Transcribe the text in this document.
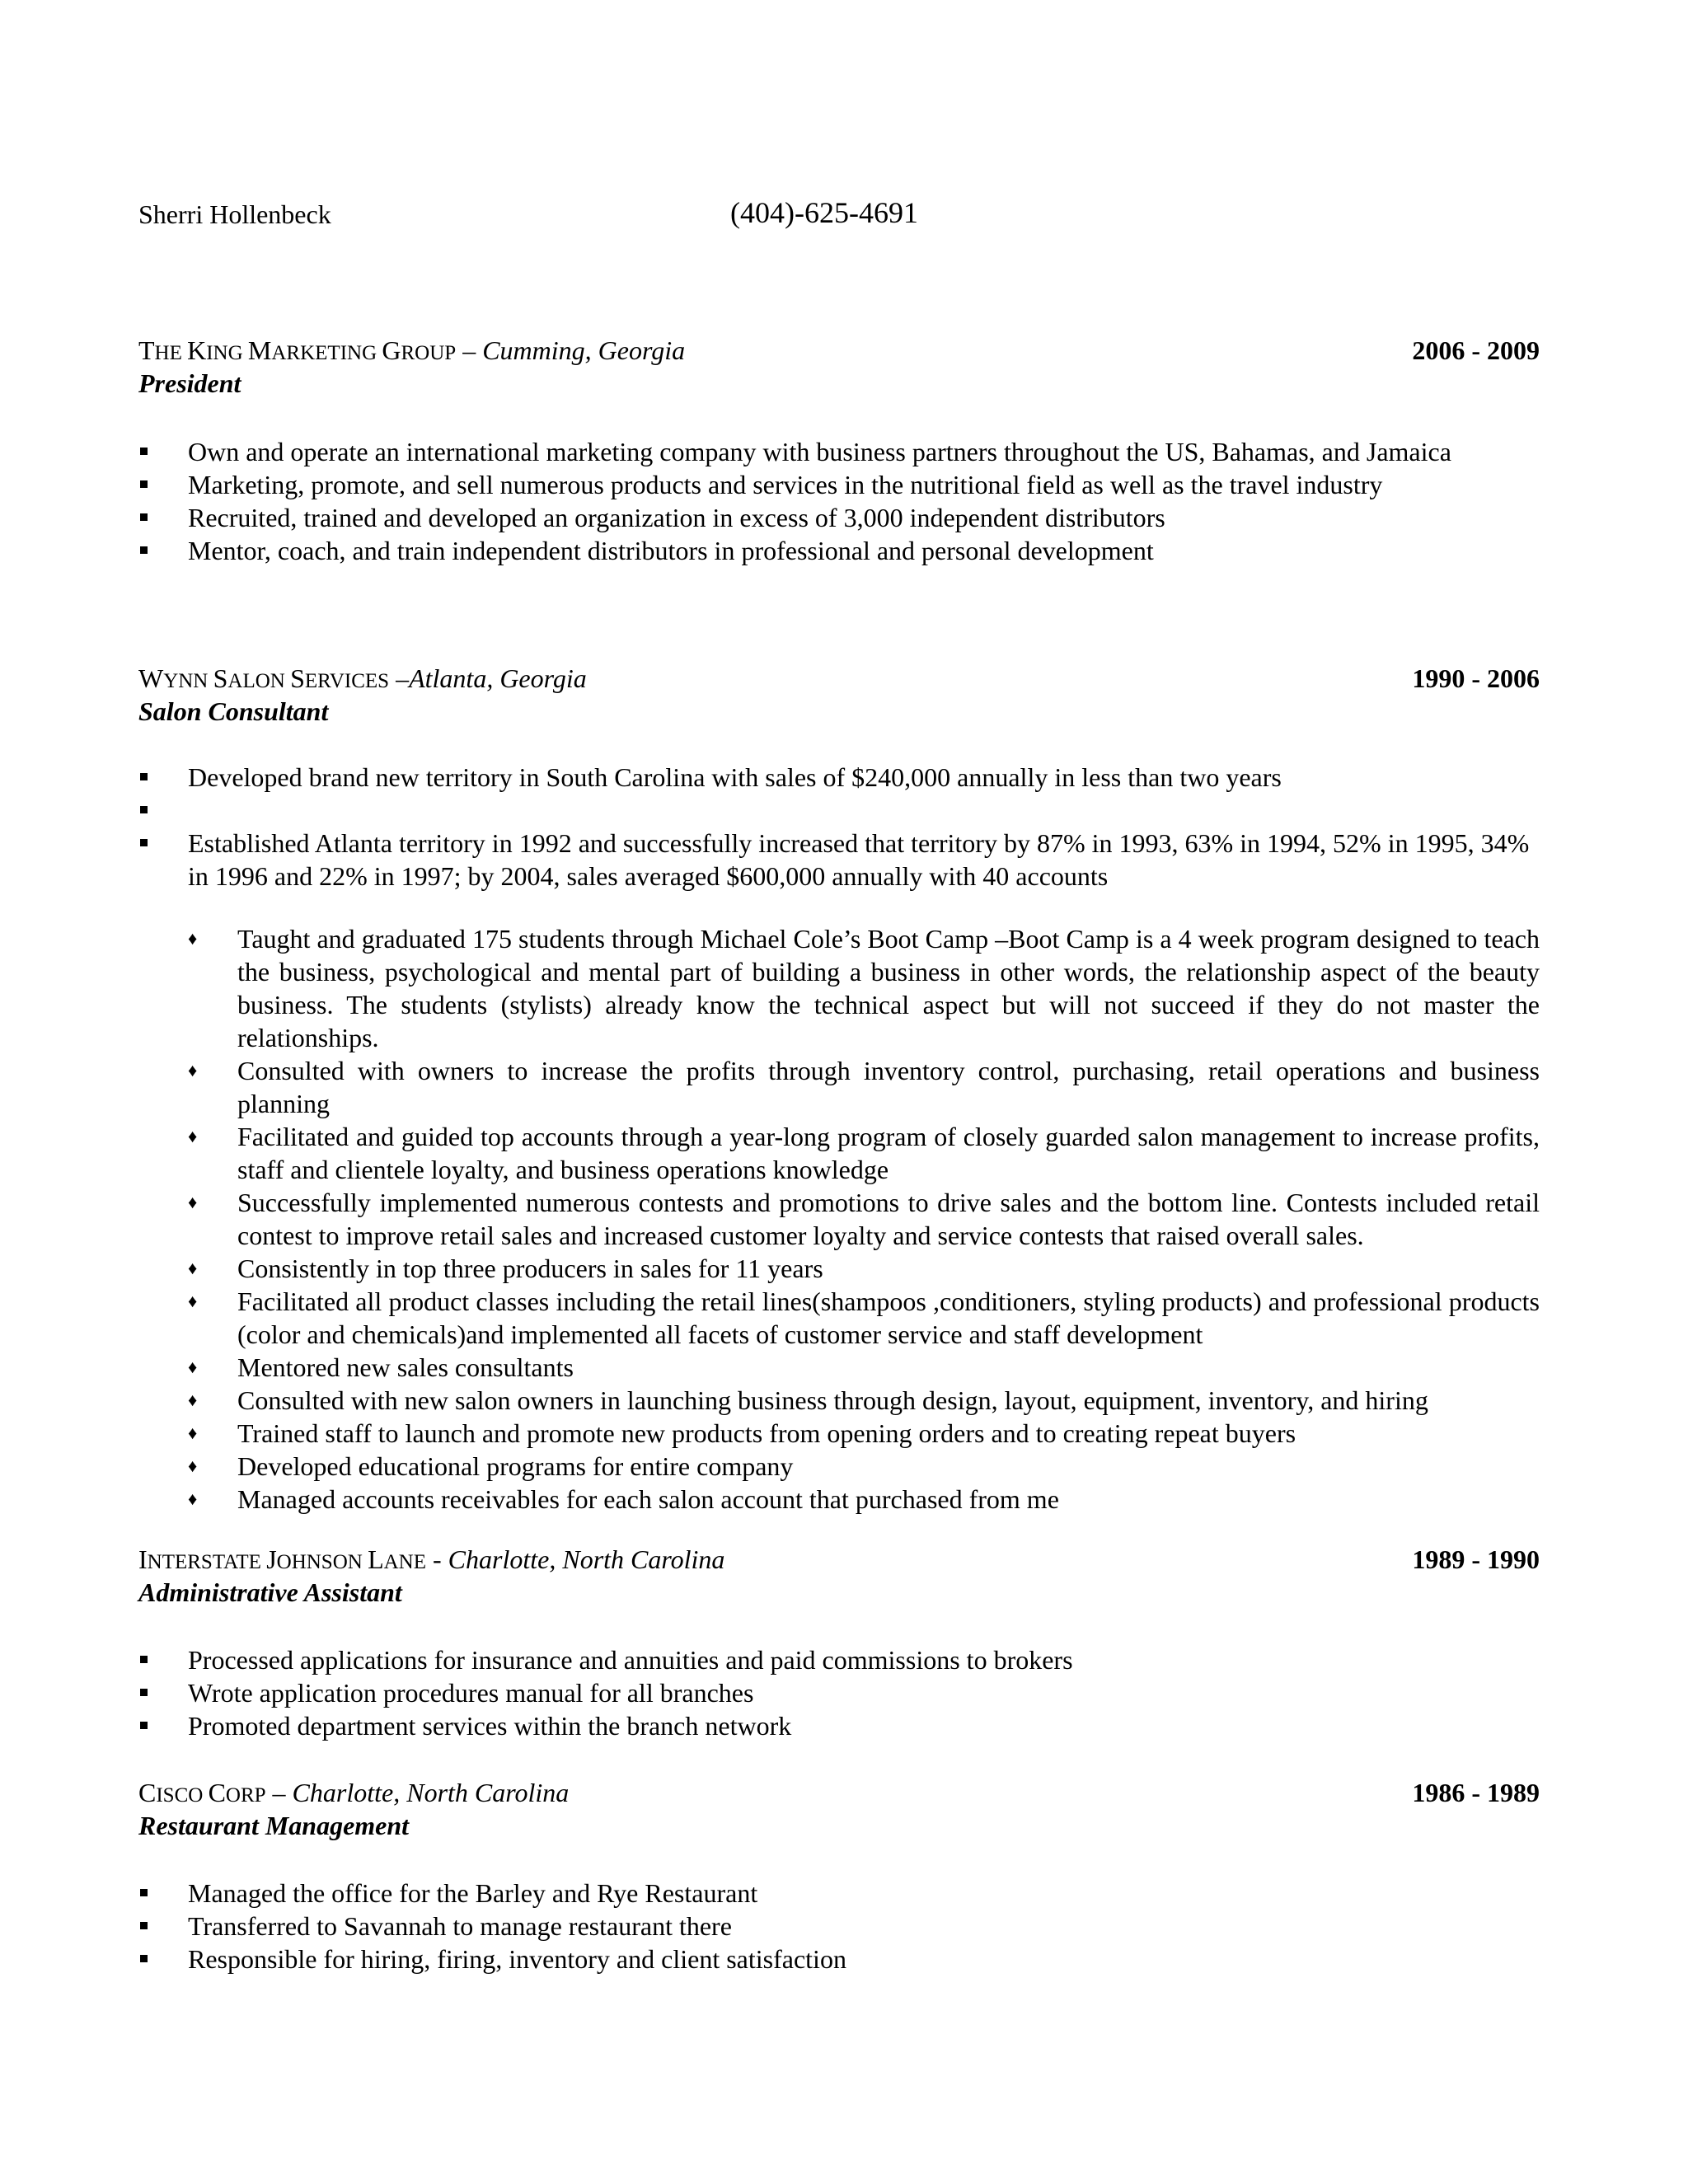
Sherri Hollenbeck	(404)-625-4691
THE KING MARKETING GROUP – Cumming, Georgia	2006 - 2009
President
Own and operate an international marketing company with business partners throughout the US, Bahamas, and Jamaica
Marketing, promote, and sell numerous products and services in the nutritional field as well as the travel industry
Recruited, trained and developed an organization in excess of 3,000 independent distributors
Mentor, coach, and train independent distributors in professional and personal development
WYNN SALON SERVICES –Atlanta, Georgia	1990 - 2006
Salon Consultant
Developed brand new territory in South Carolina with sales of $240,000 annually in less than two years
Established Atlanta territory in 1992 and successfully increased that territory by 87% in 1993, 63% in 1994, 52% in 1995, 34% in 1996 and 22% in 1997; by 2004, sales averaged $600,000 annually with 40 accounts
♦ Taught and graduated 175 students through Michael Cole’s Boot Camp –Boot Camp is a 4 week program designed to teach the business, psychological and mental part of building a business in other words, the relationship aspect of the beauty business. The students (stylists) already know the technical aspect but will not succeed if they do not master the relationships.
♦ Consulted with owners to increase the profits through inventory control, purchasing, retail operations and business planning
♦ Facilitated and guided top accounts through a year-long program of closely guarded salon management to increase profits, staff and clientele loyalty, and business operations knowledge
♦ Successfully implemented numerous contests and promotions to drive sales and the bottom line. Contests included retail contest to improve retail sales and increased customer loyalty and service contests that raised overall sales.
♦ Consistently in top three producers in sales for 11 years
♦ Facilitated all product classes including the retail lines(shampoos ,conditioners, styling products) and professional products (color and chemicals)and implemented all facets of customer service and staff development
♦ Mentored new sales consultants
♦ Consulted with new salon owners in launching business through design, layout, equipment, inventory, and hiring
♦ Trained staff to launch and promote new products from opening orders and to creating repeat buyers
♦ Developed educational programs for entire company
♦ Managed accounts receivables for each salon account that purchased from me
INTERSTATE JOHNSON LANE - Charlotte, North Carolina	1989 - 1990
Administrative Assistant
Processed applications for insurance and annuities and paid commissions to brokers
Wrote application procedures manual for all branches
Promoted department services within the branch network
CISCO CORP – Charlotte, North Carolina	1986 - 1989
Restaurant Management
Managed the office for the Barley and Rye Restaurant
Transferred to Savannah to manage restaurant there
Responsible for hiring, firing, inventory and client satisfaction
